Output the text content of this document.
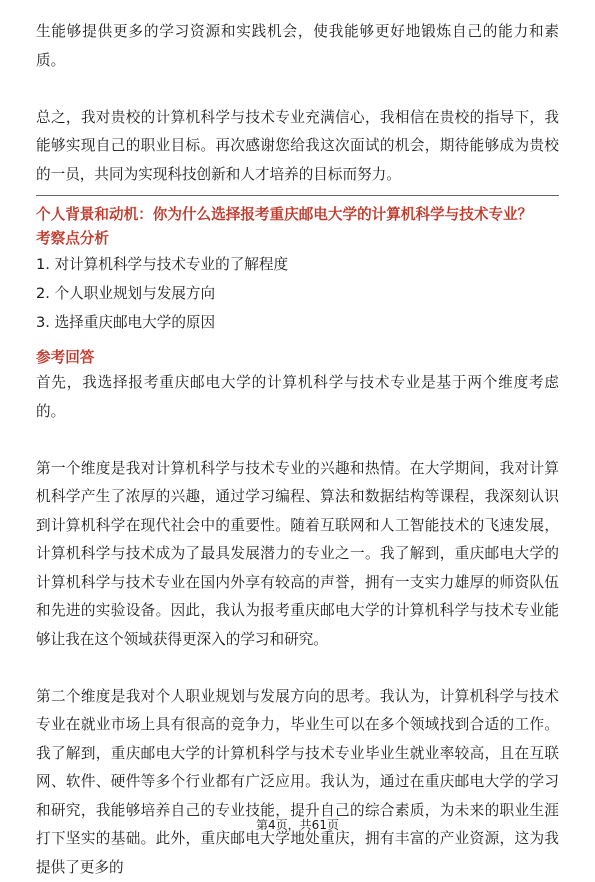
生能够提供更多的学习资源和实践机会，使我能够更好地锻炼自己的能力和素质。

总之，我对贵校的计算机科学与技术专业充满信心，我相信在贵校的指导下，我能够实现自己的职业目标。再次感谢您给我这次面试的机会，期待能够成为贵校的一员，共同为实现科技创新和人才培养的目标而努力。

个人背景和动机：你为什么选择报考重庆邮电大学的计算机科学与技术专业？

考察点分析

1. 对计算机科学与技术专业的了解程度

2. 个人职业规划与发展方向

3. 选择重庆邮电大学的原因

参考回答

首先，我选择报考重庆邮电大学的计算机科学与技术专业是基于两个维度考虑的。

第一个维度是我对计算机科学与技术专业的兴趣和热情。在大学期间，我对计算机科学产生了浓厚的兴趣，通过学习编程、算法和数据结构等课程，我深刻认识到计算机科学在现代社会中的重要性。随着互联网和人工智能技术的飞速发展，计算机科学与技术成为了最具发展潜力的专业之一。我了解到，重庆邮电大学的计算机科学与技术专业在国内外享有较高的声誉，拥有一支实力雄厚的师资队伍和先进的实验设备。因此，我认为报考重庆邮电大学的计算机科学与技术专业能够让我在这个领域获得更深入的学习和研究。

第二个维度是我对个人职业规划与发展方向的思考。我认为，计算机科学与技术专业在就业市场上具有很高的竞争力，毕业生可以在多个领域找到合适的工作。我了解到，重庆邮电大学的计算机科学与技术专业毕业生就业率较高，且在互联网、软件、硬件等多个行业都有广泛应用。我认为，通过在重庆邮电大学的学习和研究，我能够培养自己的专业技能，提升自己的综合素质，为未来的职业生涯打下坚实的基础。此外，重庆邮电大学地处重庆，拥有丰富的产业资源，这为我提供了更多的

第4页，共61页
